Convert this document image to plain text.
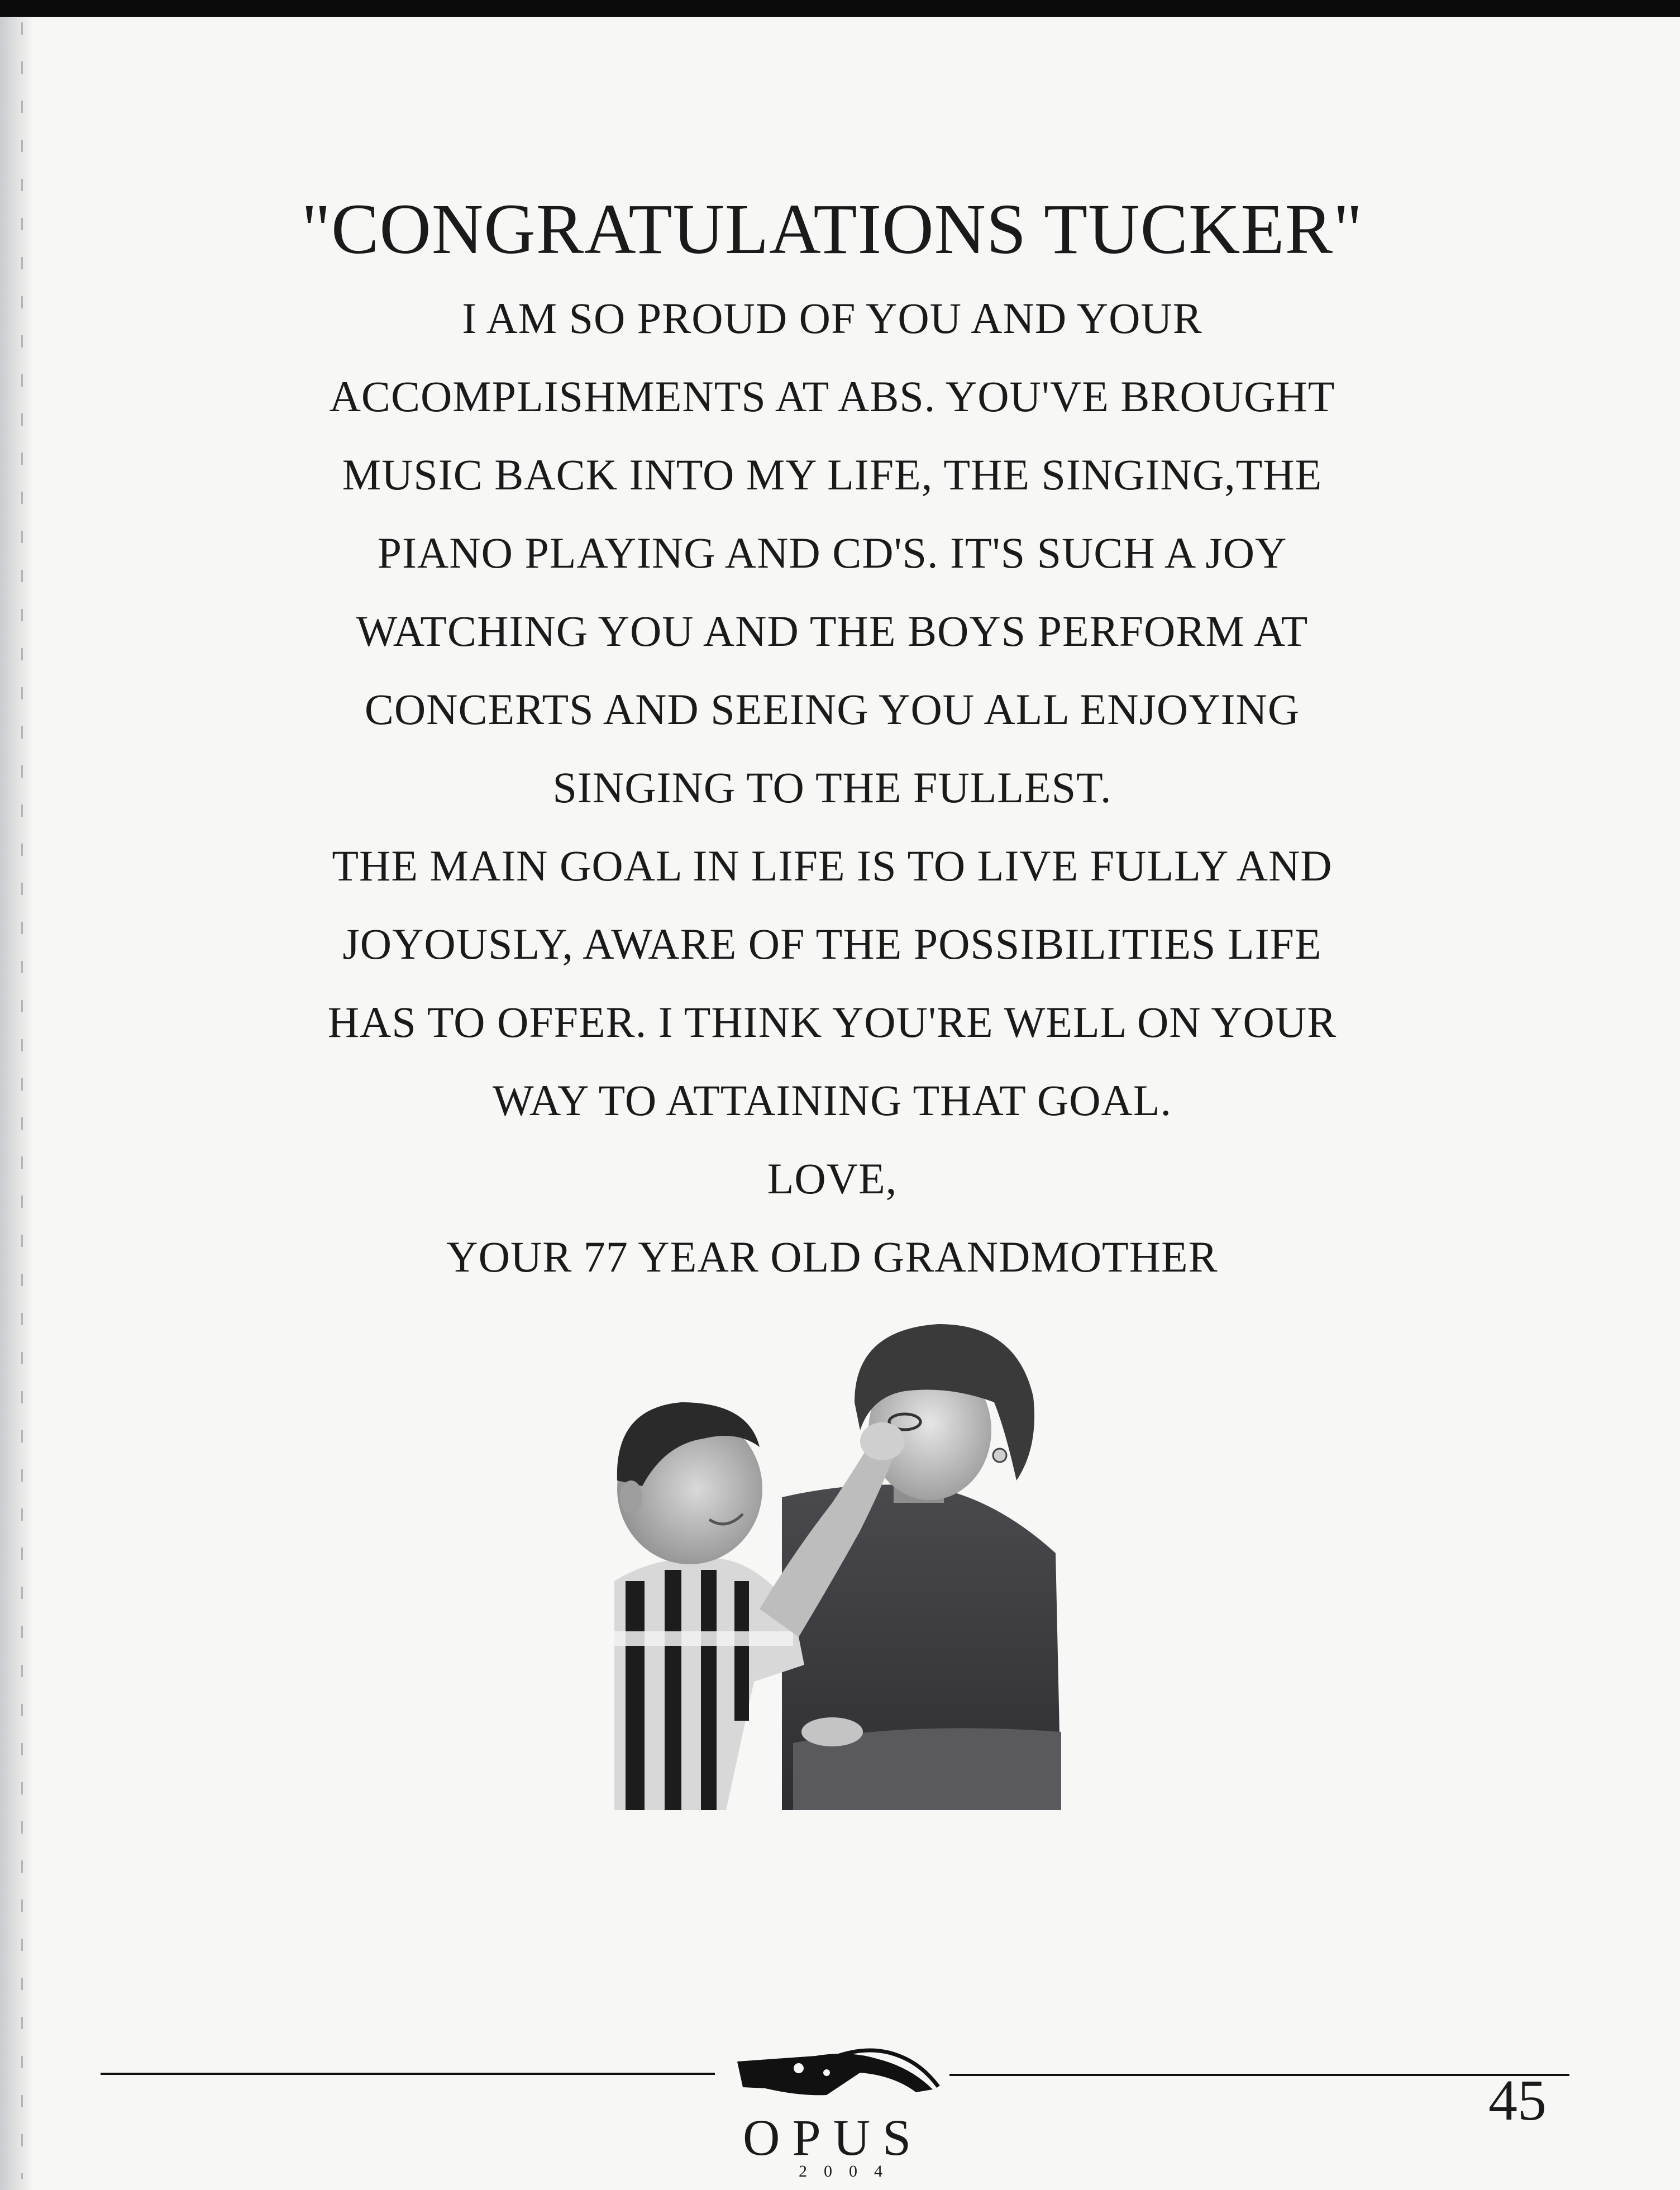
"CONGRATULATIONS TUCKER"

I AM SO PROUD OF YOU AND YOUR

ACCOMPLISHMENTS AT ABS. YOU'VE BROUGHT

MUSIC BACK INTO MY LIFE, THE SINGING,THE

PIANO PLAYING AND CD'S. IT'S SUCH A JOY

WATCHING YOU AND THE BOYS PERFORM AT

CONCERTS AND SEEING YOU ALL ENJOYING

SINGING TO THE FULLEST.

THE MAIN GOAL IN LIFE IS TO LIVE FULLY AND

JOYOUSLY, AWARE OF THE POSSIBILITIES LIFE

HAS TO OFFER. I THINK YOU'RE WELL ON YOUR

WAY TO ATTAINING THAT GOAL.

LOVE,

YOUR 77 YEAR OLD GRANDMOTHER

OPUS
2004
45
